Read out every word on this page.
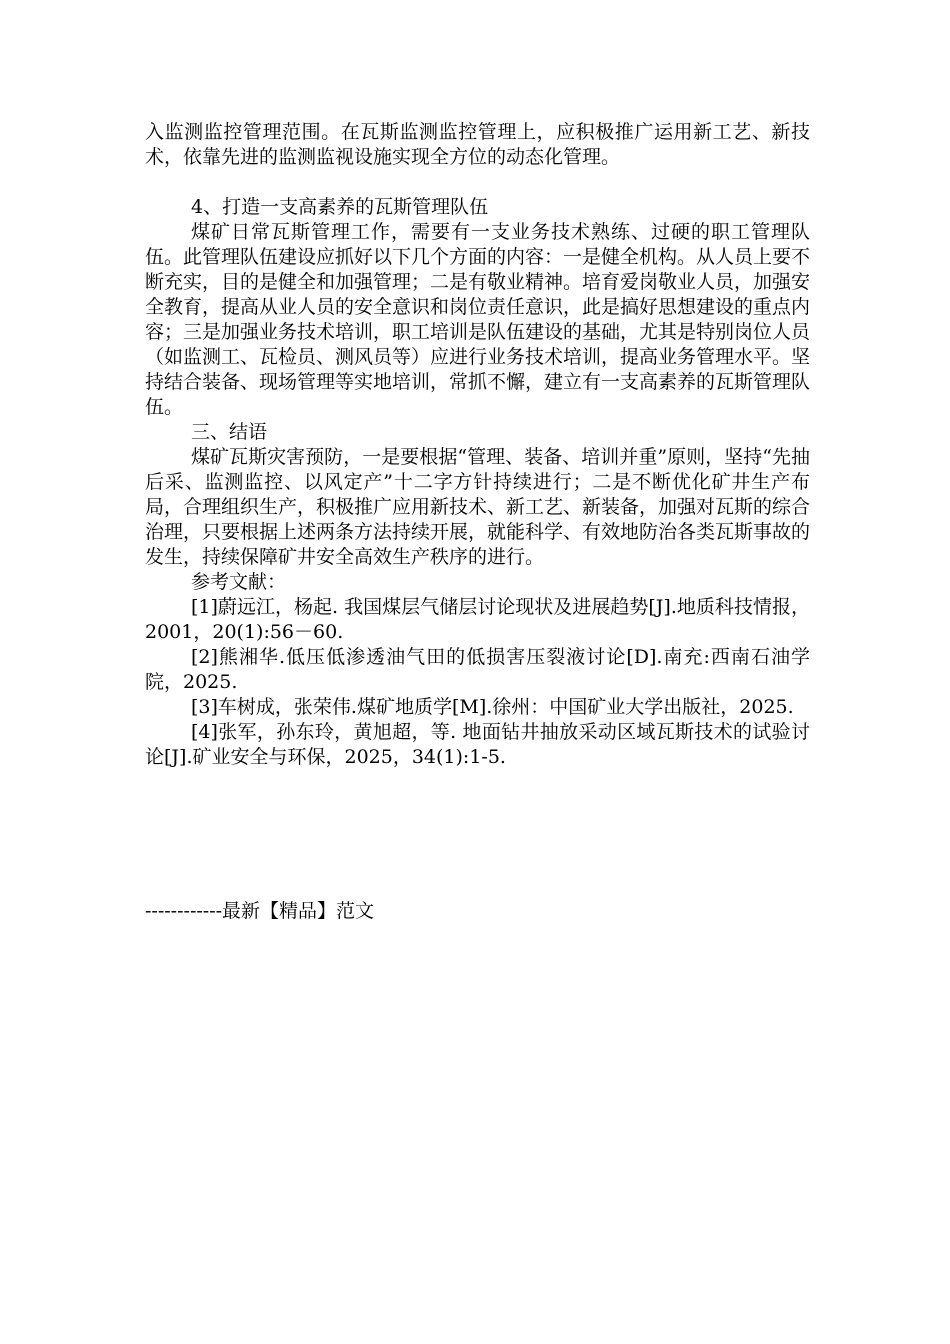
入监测监控管理范围。在瓦斯监测监控管理上，应积极推广运用新工艺、新技术，依靠先进的监测监视设施实现全方位的动态化管理。

4、打造一支高素养的瓦斯管理队伍

煤矿日常瓦斯管理工作，需要有一支业务技术熟练、过硬的职工管理队伍。此管理队伍建设应抓好以下几个方面的内容：一是健全机构。从人员上要不断充实，目的是健全和加强管理；二是有敬业精神。培育爱岗敬业人员，加强安全教育，提高从业人员的安全意识和岗位责任意识，此是搞好思想建设的重点内容；三是加强业务技术培训，职工培训是队伍建设的基础，尤其是特别岗位人员（如监测工、瓦检员、测风员等）应进行业务技术培训，提高业务管理水平。坚持结合装备、现场管理等实地培训，常抓不懈，建立有一支高素养的瓦斯管理队伍。

三、结语

煤矿瓦斯灾害预防，一是要根据“管理、装备、培训并重”原则，坚持“先抽后采、监测监控、以风定产”十二字方针持续进行；二是不断优化矿井生产布局，合理组织生产，积极推广应用新技术、新工艺、新装备，加强对瓦斯的综合治理，只要根据上述两条方法持续开展，就能科学、有效地防治各类瓦斯事故的发生，持续保障矿井安全高效生产秩序的进行。

参考文献：

[1]蔚远江，杨起. 我国煤层气储层讨论现状及进展趋势[J].地质科技情报，2001，20(1):56－60.

[2]熊湘华.低压低渗透油气田的低损害压裂液讨论[D].南充:西南石油学院，2025.

[3]车树成，张荣伟.煤矿地质学[M].徐州：中国矿业大学出版社，2025.

[4]张军，孙东玲，黄旭超，等. 地面钻井抽放采动区域瓦斯技术的试验讨论[J].矿业安全与环保，2025，34(1):1-5.

------------最新【精品】范文
